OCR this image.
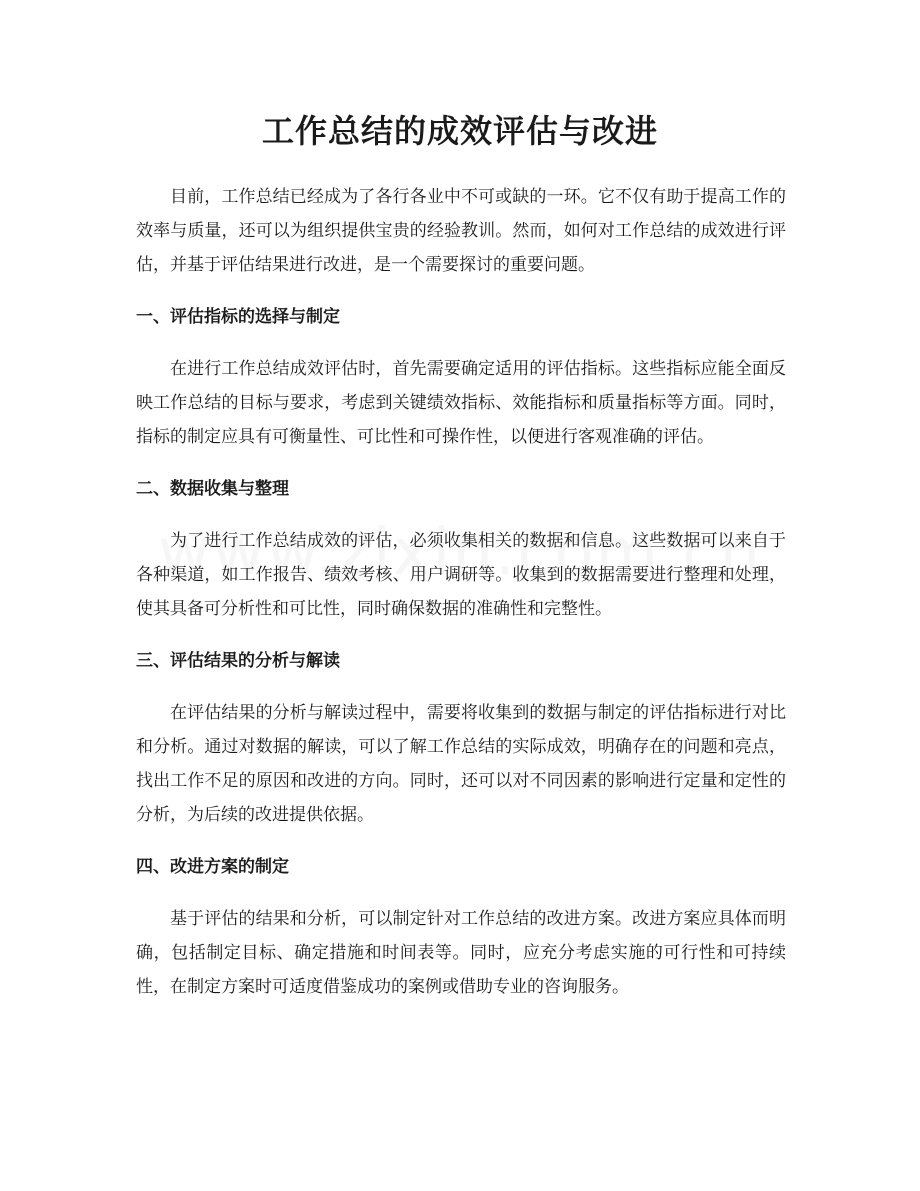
工作总结的成效评估与改进

目前，工作总结已经成为了各行各业中不可或缺的一环。它不仅有助于提高工作的效率与质量，还可以为组织提供宝贵的经验教训。然而，如何对工作总结的成效进行评估，并基于评估结果进行改进，是一个需要探讨的重要问题。

一、评估指标的选择与制定

在进行工作总结成效评估时，首先需要确定适用的评估指标。这些指标应能全面反映工作总结的目标与要求，考虑到关键绩效指标、效能指标和质量指标等方面。同时，指标的制定应具有可衡量性、可比性和可操作性，以便进行客观准确的评估。

二、数据收集与整理

为了进行工作总结成效的评估，必须收集相关的数据和信息。这些数据可以来自于各种渠道，如工作报告、绩效考核、用户调研等。收集到的数据需要进行整理和处理，使其具备可分析性和可比性，同时确保数据的准确性和完整性。

三、评估结果的分析与解读

在评估结果的分析与解读过程中，需要将收集到的数据与制定的评估指标进行对比和分析。通过对数据的解读，可以了解工作总结的实际成效，明确存在的问题和亮点，找出工作不足的原因和改进的方向。同时，还可以对不同因素的影响进行定量和定性的分析，为后续的改进提供依据。

四、改进方案的制定

基于评估的结果和分析，可以制定针对工作总结的改进方案。改进方案应具体而明确，包括制定目标、确定措施和时间表等。同时，应充分考虑实施的可行性和可持续性，在制定方案时可适度借鉴成功的案例或借助专业的咨询服务。
